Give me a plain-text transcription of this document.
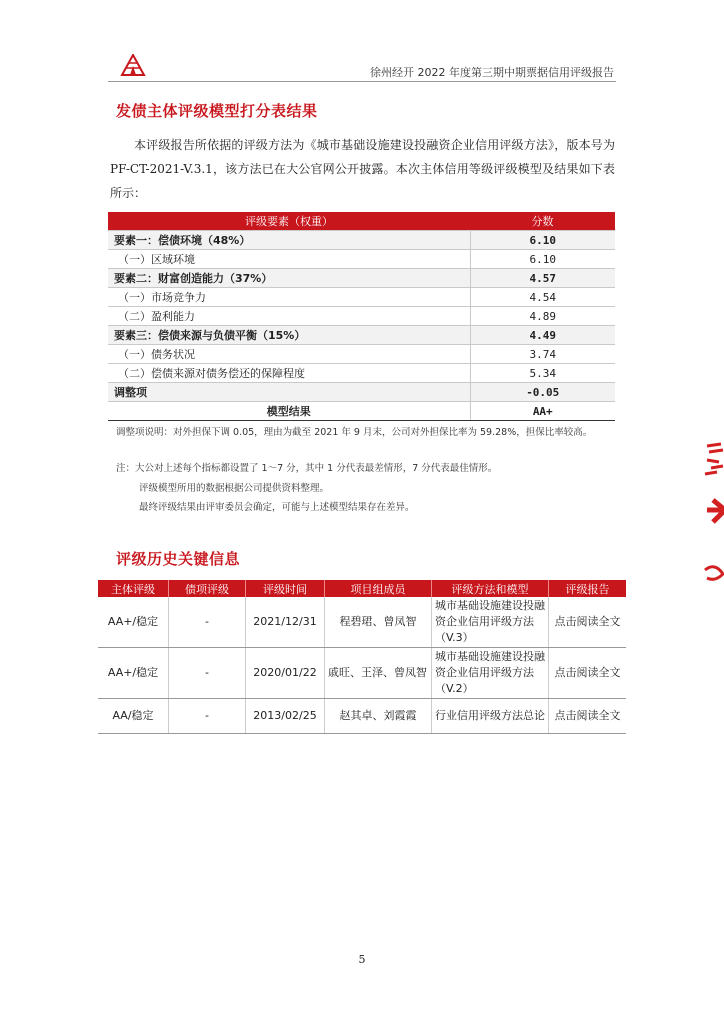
徐州经开 2022 年度第三期中期票据信用评级报告
发债主体评级模型打分表结果
本评级报告所依据的评级方法为《城市基础设施建设投融资企业信用评级方法》，版本号为 PF-CT-2021-V.3.1，该方法已在大公官网公开披露。本次主体信用等级评级模型及结果如下表所示：
评级要素（权重）	分数
要素一：偿债环境（48%）	6.10
（一）区域环境	6.10
要素二：财富创造能力（37%）	4.57
（一）市场竞争力	4.54
（二）盈利能力	4.89
要素三：偿债来源与负债平衡（15%）	4.49
（一）债务状况	3.74
（二）偿债来源对债务偿还的保障程度	5.34
调整项	-0.05
模型结果	AA+
调整项说明：对外担保下调 0.05，理由为截至 2021 年 9 月末，公司对外担保比率为 59.28%，担保比率较高。
注：大公对上述每个指标都设置了 1～7 分，其中 1 分代表最差情形，7 分代表最佳情形。
评级模型所用的数据根据公司提供资料整理。
最终评级结果由评审委员会确定，可能与上述模型结果存在差异。
评级历史关键信息
主体评级	债项评级	评级时间	项目组成员	评级方法和模型	评级报告
AA+/稳定	-	2021/12/31	程碧珺、曾凤智	城市基础设施建设投融资企业信用评级方法（V.3）	点击阅读全文
AA+/稳定	-	2020/01/22	戚旺、王泽、曾凤智	城市基础设施建设投融资企业信用评级方法（V.2）	点击阅读全文
AA/稳定	-	2013/02/25	赵其卓、刘霞霞	行业信用评级方法总论	点击阅读全文
5
